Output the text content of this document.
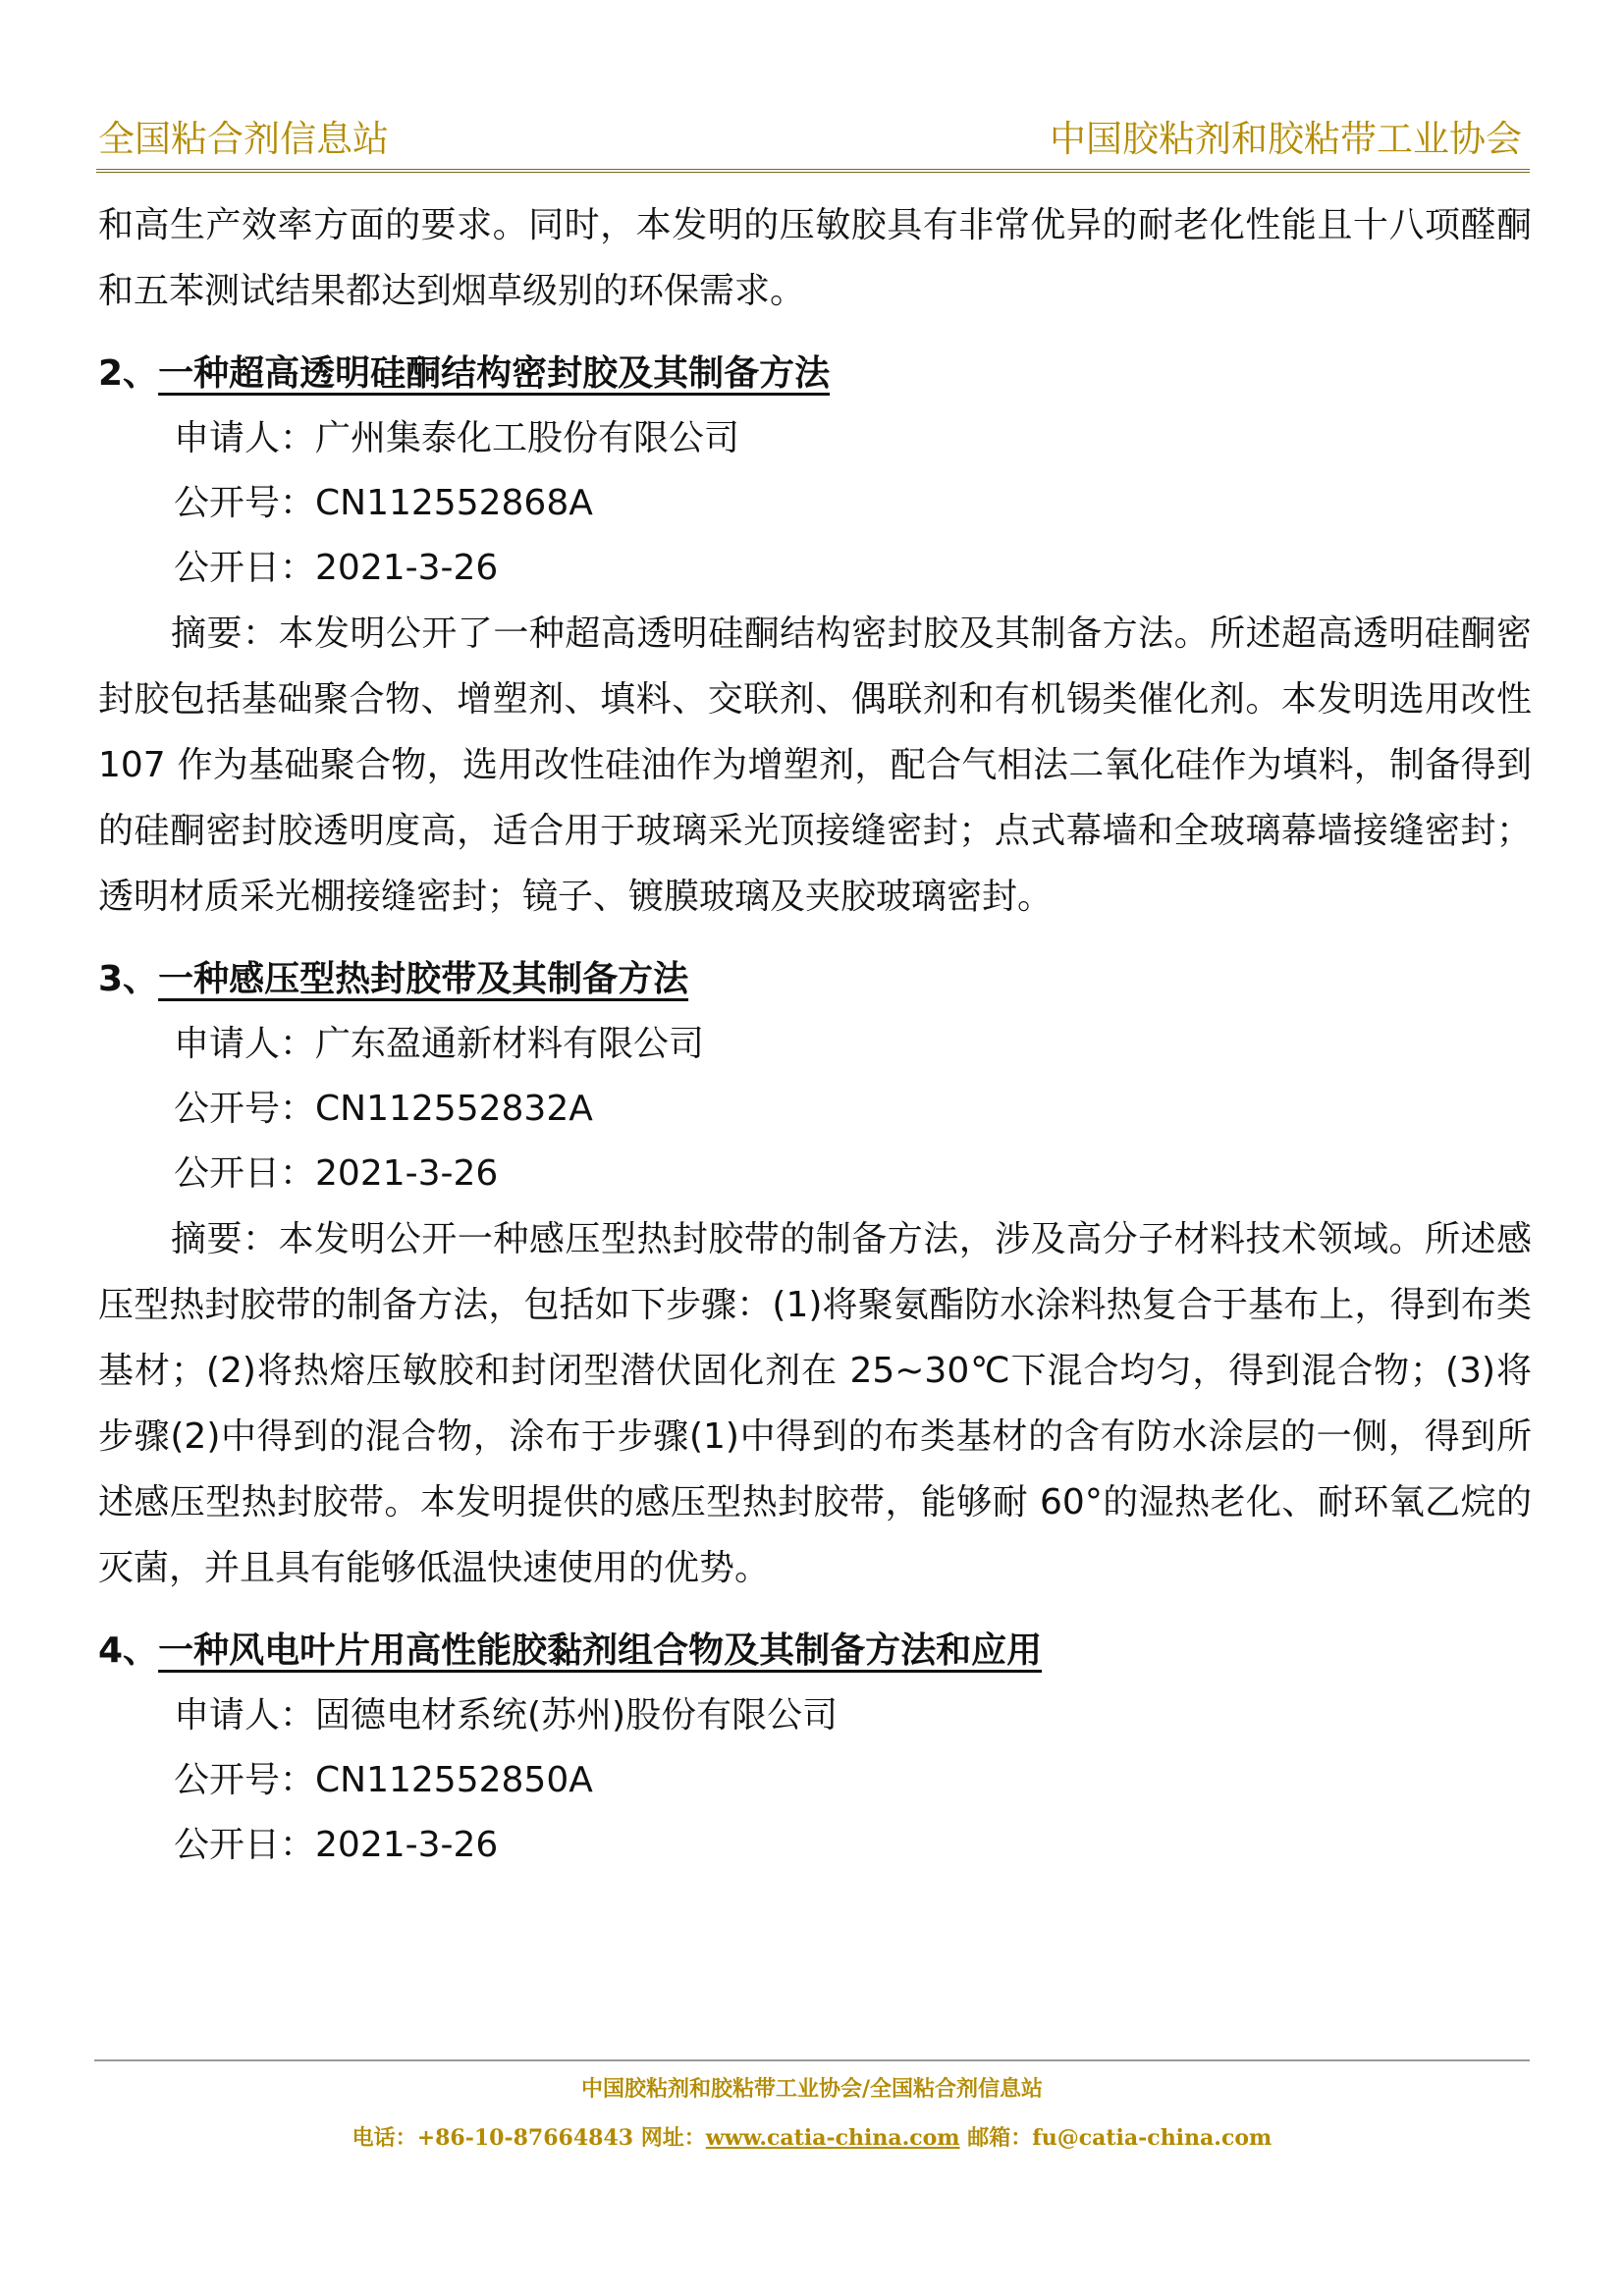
全国粘合剂信息站	中国胶粘剂和胶粘带工业协会

和高生产效率方面的要求。同时，本发明的压敏胶具有非常优异的耐老化性能且十八项醛酮和五苯测试结果都达到烟草级别的环保需求。

2、一种超高透明硅酮结构密封胶及其制备方法

申请人：广州集泰化工股份有限公司

公开号：CN112552868A

公开日：2021-3-26

摘要：本发明公开了一种超高透明硅酮结构密封胶及其制备方法。所述超高透明硅酮密封胶包括基础聚合物、增塑剂、填料、交联剂、偶联剂和有机锡类催化剂。本发明选用改性 107 作为基础聚合物，选用改性硅油作为增塑剂，配合气相法二氧化硅作为填料，制备得到的硅酮密封胶透明度高，适合用于玻璃采光顶接缝密封；点式幕墙和全玻璃幕墙接缝密封；透明材质采光棚接缝密封；镜子、镀膜玻璃及夹胶玻璃密封。

3、一种感压型热封胶带及其制备方法

申请人：广东盈通新材料有限公司

公开号：CN112552832A

公开日：2021-3-26

摘要：本发明公开一种感压型热封胶带的制备方法，涉及高分子材料技术领域。所述感压型热封胶带的制备方法，包括如下步骤：(1)将聚氨酯防水涂料热复合于基布上，得到布类基材；(2)将热熔压敏胶和封闭型潜伏固化剂在 25~30℃下混合均匀，得到混合物；(3)将步骤(2)中得到的混合物，涂布于步骤(1)中得到的布类基材的含有防水涂层的一侧，得到所述感压型热封胶带。本发明提供的感压型热封胶带，能够耐 60°的湿热老化、耐环氧乙烷的灭菌，并且具有能够低温快速使用的优势。

4、一种风电叶片用高性能胶黏剂组合物及其制备方法和应用

申请人：固德电材系统(苏州)股份有限公司

公开号：CN112552850A

公开日：2021-3-26

中国胶粘剂和胶粘带工业协会/全国粘合剂信息站
电话：+86-10-87664843 网址：www.catia-china.com 邮箱：fu@catia-china.com
